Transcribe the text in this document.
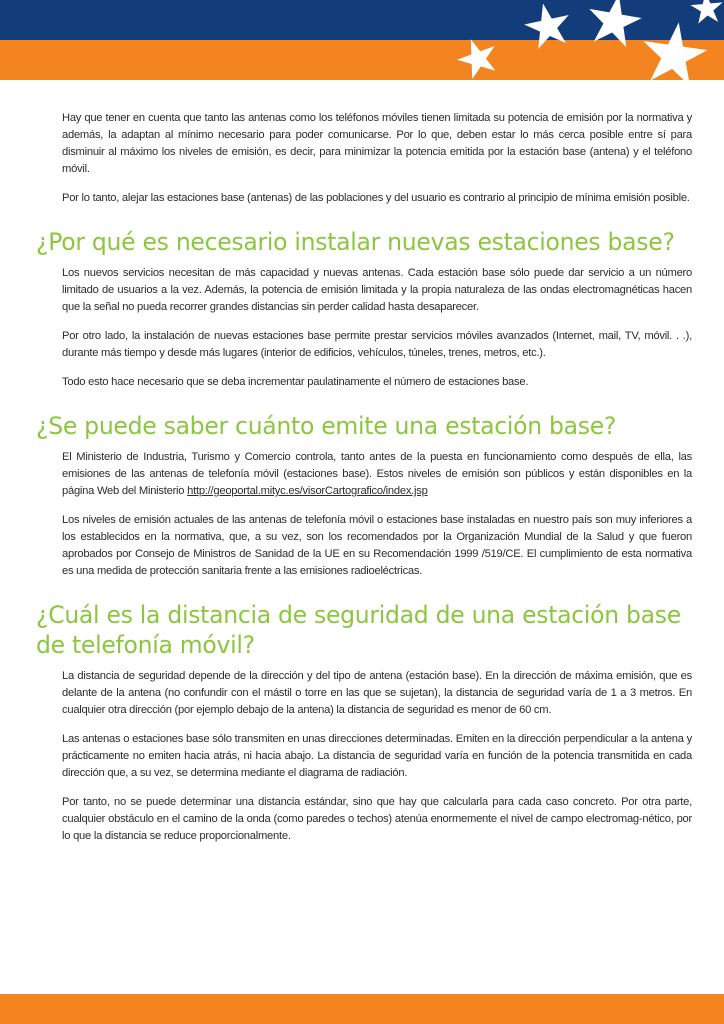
Hay que tener en cuenta que tanto las antenas como los teléfonos móviles tienen limitada su potencia de emisión por la normativa y además, la adaptan al mínimo necesario para poder comunicarse. Por lo que, deben estar lo más cerca posible entre sí para disminuir al máximo los niveles de emisión, es decir, para minimizar la potencia emitida por la estación base (antena) y el teléfono móvil.

Por lo tanto, alejar las estaciones base (antenas) de las poblaciones y del usuario es contrario al principio de mínima emisión posible.

¿Por qué es necesario instalar nuevas estaciones base?

Los nuevos servicios necesitan de más capacidad y nuevas antenas. Cada estación base sólo puede dar servicio a un número limitado de usuarios a la vez. Además, la potencia de emisión limitada y la propia naturaleza de las ondas electromagnéticas hacen que la señal no pueda recorrer grandes distancias sin perder calidad hasta desaparecer.

Por otro lado, la instalación de nuevas estaciones base permite prestar servicios móviles avanzados (Internet, mail, TV, móvil. . .), durante más tiempo y desde más lugares (interior de edificios, vehículos, túneles, trenes, metros, etc.).

Todo esto hace necesario que se deba incrementar paulatinamente el número de estaciones base.

¿Se puede saber cuánto emite una estación base?

El Ministerio de Industria, Turismo y Comercio controla, tanto antes de la puesta en funcionamiento como después de ella, las emisiones de las antenas de telefonía móvil (estaciones base). Estos niveles de emisión son públicos y están disponibles en la página Web del Ministerio http://geoportal.mityc.es/visorCartografico/index.jsp

Los niveles de emisión actuales de las antenas de telefonía móvil o estaciones base instaladas en nuestro país son muy inferiores a los establecidos en la normativa, que, a su vez, son los recomendados por la Organización Mundial de la Salud y que fueron aprobados por Consejo de Ministros de Sanidad de la UE en su Recomendación 1999 /519/CE. El cumplimiento de esta normativa es una medida de protección sanitaria frente a las emisiones radioeléctricas.

¿Cuál es la distancia de seguridad de una estación base
de telefonía móvil?

La distancia de seguridad depende de la dirección y del tipo de antena (estación base). En la dirección de máxima emisión, que es delante de la antena (no confundir con el mástil o torre en las que se sujetan), la distancia de seguridad varía de 1 a 3 metros. En cualquier otra dirección (por ejemplo debajo de la antena) la distancia de seguridad es menor de 60 cm.

Las antenas o estaciones base sólo transmiten en unas direcciones determinadas. Emiten en la dirección perpendicular a la antena y prácticamente no emiten hacia atrás, ni hacia abajo. La distancia de seguridad varía en función de la potencia transmitida en cada dirección que, a su vez, se determina mediante el diagrama de radiación.

Por tanto, no se puede determinar una distancia estándar, sino que hay que calcularla para cada caso concreto. Por otra parte, cualquier obstáculo en el camino de la onda (como paredes o techos) atenúa enormemente el nivel de campo electromag-nético, por lo que la distancia se reduce proporcionalmente.
